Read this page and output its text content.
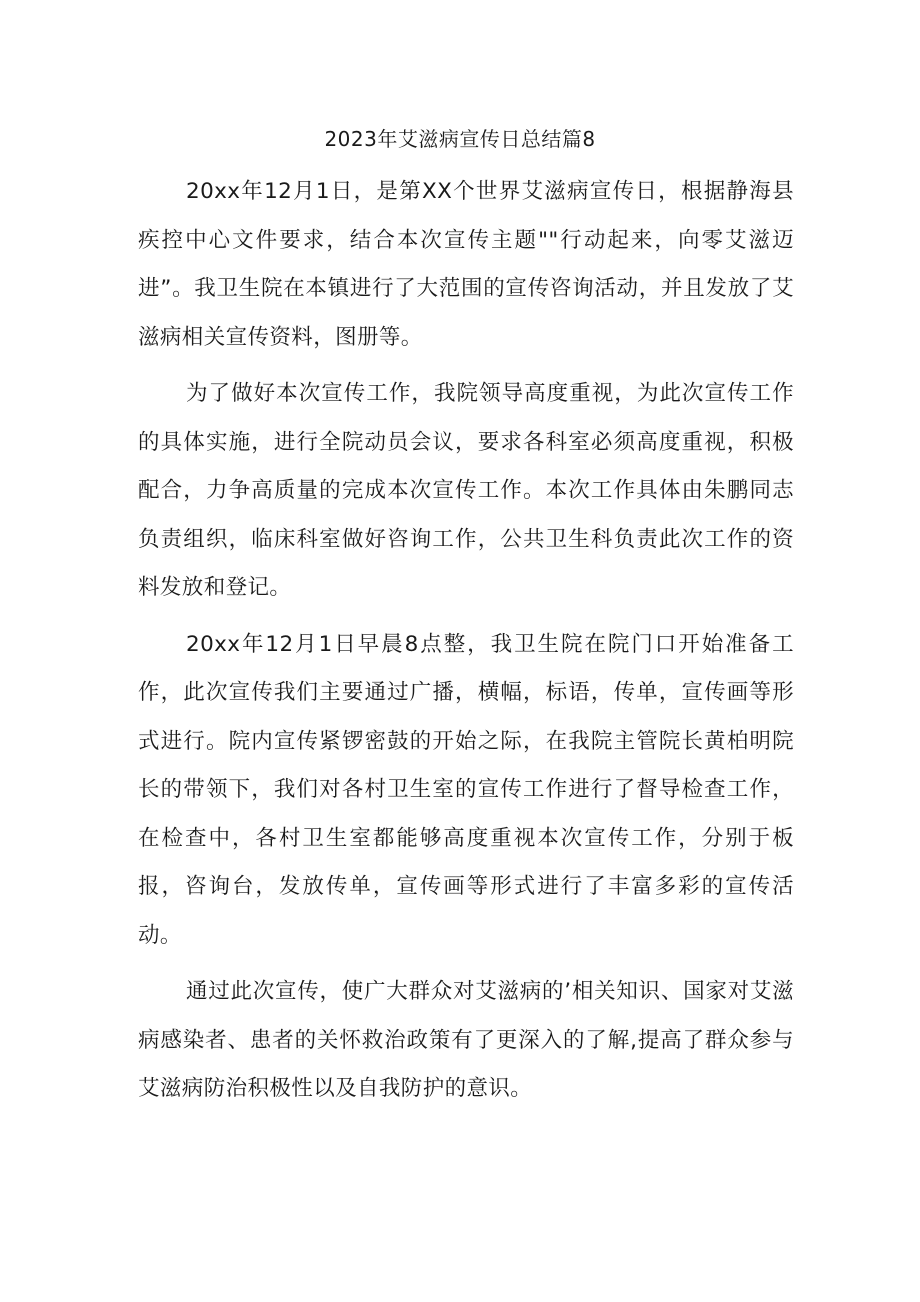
2023年艾滋病宣传日总结篇8

20xx年12月1日，是第XX个世界艾滋病宣传日，根据静海县疾控中心文件要求，结合本次宣传主题""行动起来，向零艾滋迈进”。我卫生院在本镇进行了大范围的宣传咨询活动，并且发放了艾滋病相关宣传资料，图册等。

为了做好本次宣传工作，我院领导高度重视，为此次宣传工作的具体实施，进行全院动员会议，要求各科室必须高度重视，积极配合，力争高质量的完成本次宣传工作。本次工作具体由朱鹏同志负责组织，临床科室做好咨询工作，公共卫生科负责此次工作的资料发放和登记。

20xx年12月1日早晨8点整，我卫生院在院门口开始准备工作，此次宣传我们主要通过广播，横幅，标语，传单，宣传画等形式进行。院内宣传紧锣密鼓的开始之际，在我院主管院长黄柏明院长的带领下，我们对各村卫生室的宣传工作进行了督导检查工作，在检查中，各村卫生室都能够高度重视本次宣传工作，分别于板报，咨询台，发放传单，宣传画等形式进行了丰富多彩的宣传活动。

通过此次宣传，使广大群众对艾滋病的’相关知识、国家对艾滋病感染者、患者的关怀救治政策有了更深入的了解,提高了群众参与艾滋病防治积极性以及自我防护的意识。
